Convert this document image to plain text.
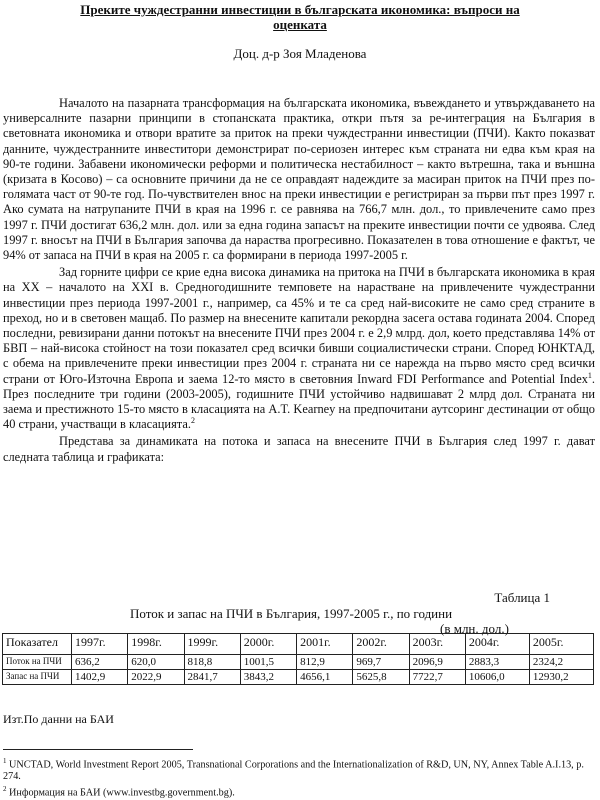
Преките чуждестранни инвестиции в българската икономика: въпроси на оценката
Доц. д-р Зоя Младенова

Началото на пазарната трансформация на българската икономика, въвеждането и утвърждаването на универсалните пазарни принципи в стопанската практика, откри пътя за ре-интеграция на България в световната икономика и отвори вратите за приток на преки чуждестранни инвестиции (ПЧИ). Както показват данните, чуждестранните инвеститори демонстрират по-сериозен интерес към страната ни едва към края на 90-те години. Забавени икономически реформи и политическа нестабилност – както вътрешна, така и външна (кризата в Косово) – са основните причини да не се оправдаят надеждите за масиран приток на ПЧИ през по-голямата част от 90-те год. По-чувствителен внос на преки инвестиции е регистриран за първи път през 1997 г. Ако сумата на натрупаните ПЧИ в края на 1996 г. се равнява на 766,7 млн. дол., то привлечените само през 1997 г. ПЧИ достигат 636,2 млн. дол. или за една година запасът на преките инвестиции почти се удвоява. След 1997 г. вносът на ПЧИ в България започва да нараства прогресивно. Показателен в това отношение е фактът, че 94% от запаса на ПЧИ в края на 2005 г. са формирани в периода 1997-2005 г.

Зад горните цифри се крие една висока динамика на притока на ПЧИ в българската икономика в края на ХХ – началото на ХХІ в. Средногодишните темповете на нарастване на привлечените чуждестранни инвестиции през периода 1997-2001 г., например, са 45% и те са сред най-високите не само сред страните в преход, но и в световен мащаб. По размер на внесените капитали рекордна засега остава годината 2004. Според последни, ревизирани данни потокът на внесените ПЧИ през 2004 г. е 2,9 млрд. дол, което представлява 14% от БВП – най-висока стойност на този показател сред всички бивши социалистически страни. Според ЮНКТАД, с обема на привлечените преки инвестиции през 2004 г. страната ни се нарежда на първо място сред всички страни от Юго-Източна Европа и заема 12-то място в световния Inward FDI Performance and Potential Index$^1$. През последните три години (2003-2005), годишните ПЧИ устойчиво надвишават 2 млрд дол. Страната ни заема и престижното 15-то място в класацията на A.T. Kearney на предпочитани аутсоринг дестинации от общо 40 страни, участващи в класацията.$^2$

Представа за динамиката на потока и запаса на внесените ПЧИ в България след 1997 г. дават следната таблица и графиката:

Таблица 1
Поток и запас на ПЧИ в България, 1997-2005 г., по години
(в млн. дол.)
Показател	1997г.	1998г.	1999г.	2000г.	2001г.	2002г.	2003г.	2004г.	2005г.
Поток на ПЧИ	636,2	620,0	818,8	1001,5	812,9	969,7	2096,9	2883,3	2324,2
Запас на ПЧИ	1402,9	2022,9	2841,7	3843,2	4656,1	5625,8	7722,7	10606,0	12930,2
Изт.По данни на БАИ

$^1$ UNCTAD, World Investment Report 2005, Transnational Corporations and the Internationalization of R&D, UN, NY, Annex Table A.I.13, p. 274.

$^2$ Информация на БАИ (www.investbg.government.bg).
